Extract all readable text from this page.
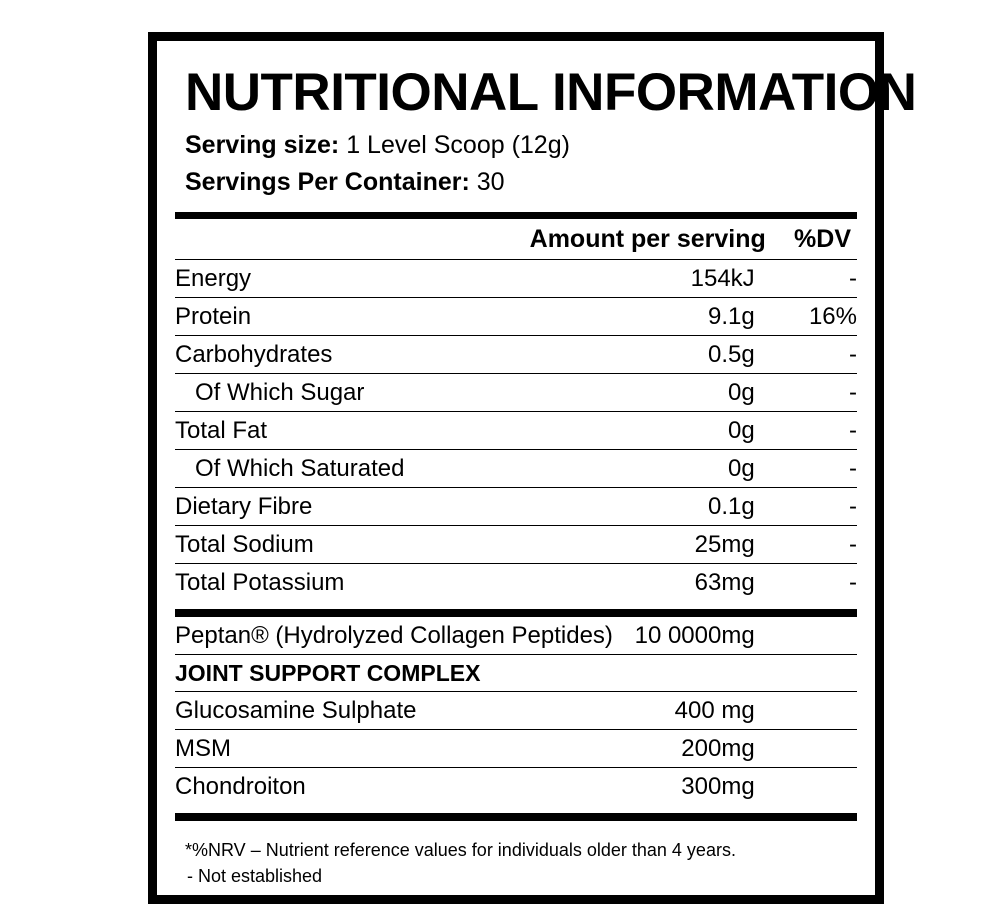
NUTRITIONAL INFORMATION
Serving size: 1 Level Scoop (12g)
Servings Per Container: 30
	Amount per serving	%DV
Energy	154kJ	-
Protein	9.1g	16%
Carbohydrates	0.5g	-
Of Which Sugar	0g	-
Total Fat	0g	-
Of Which Saturated	0g	-
Dietary Fibre	0.1g	-
Total Sodium	25mg	-
Total Potassium	63mg	-
Peptan® (Hydrolyzed Collagen Peptides)	10 0000mg	
JOINT SUPPORT COMPLEX		
Glucosamine Sulphate	400 mg	
MSM	200mg	
Chondroiton	300mg	
*%NRV – Nutrient reference values for individuals older than 4 years.
- Not established
